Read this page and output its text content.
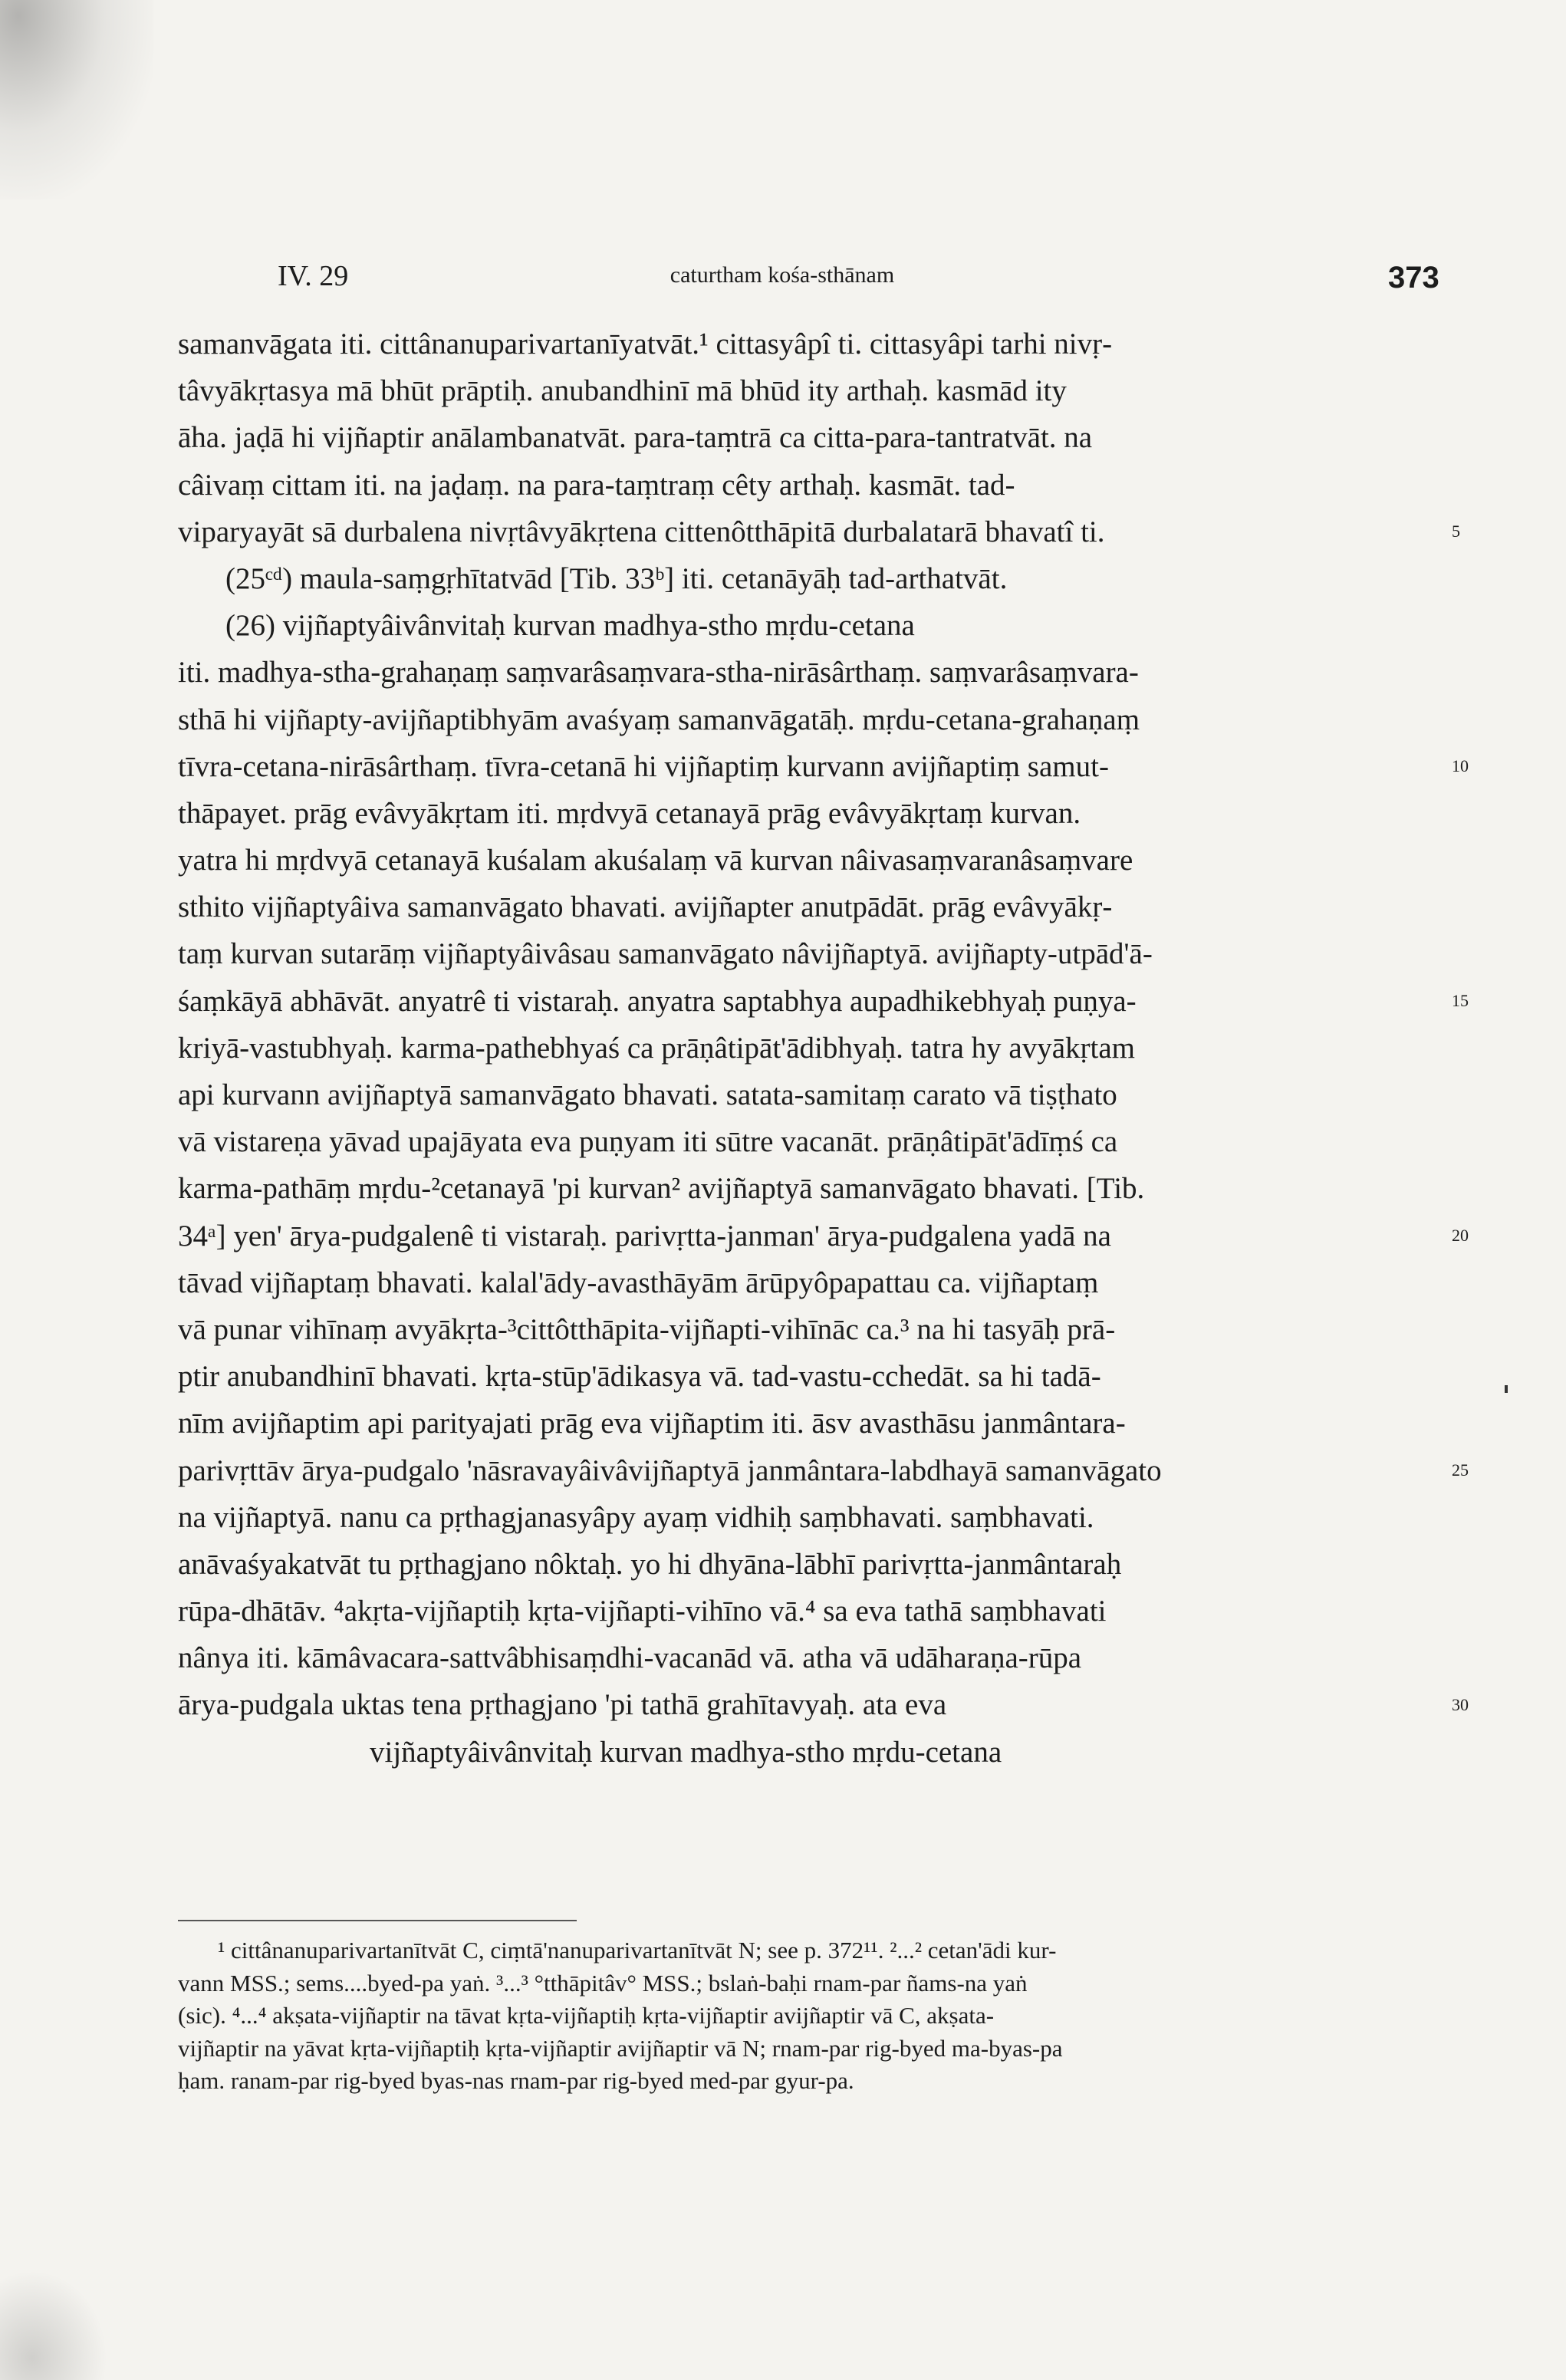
IV. 29	caturtham kośa-sthānam	373
samanvāgata iti. cittânanuparivartanīyatvāt.¹ cittasyâpî ti. cittasyâpi tarhi nivṛ-
tâvyākṛtasya mā bhūt prāptiḥ. anubandhinī mā bhūd ity arthaḥ. kasmād ity
āha. jaḍā hi vijñaptir anālambanatvāt. para-taṃtrā ca citta-para-tantratvāt. na
câivaṃ cittam iti. na jaḍaṃ. na para-taṃtraṃ cêty arthaḥ. kasmāt. tad-
viparyayāt sā durbalena nivṛtâvyākṛtena cittenôtthāpitā durbalatarā bhavatî ti.
(25ᶜᵈ) maula-saṃgṛhītatvād [Tib. 33ᵇ] iti. cetanāyāḥ tad-arthatvāt.
(26) vijñaptyâivânvitaḥ kurvan madhya-stho mṛdu-cetana
iti. madhya-stha-grahaṇaṃ saṃvarâsaṃvara-stha-nirāsârthaṃ. saṃvarâsaṃvara-
sthā hi vijñapty-avijñaptibhyām avaśyaṃ samanvāgatāḥ. mṛdu-cetana-grahaṇaṃ
tīvra-cetana-nirāsârthaṃ. tīvra-cetanā hi vijñaptiṃ kurvann avijñaptiṃ samut-
thāpayet. prāg evâvyākṛtam iti. mṛdvyā cetanayā prāg evâvyākṛtaṃ kurvan.
yatra hi mṛdvyā cetanayā kuśalam akuśalaṃ vā kurvan nâivasaṃvaranâsaṃvare
sthito vijñaptyâiva samanvāgato bhavati. avijñapter anutpādāt. prāg evâvyākṛ-
taṃ kurvan sutarāṃ vijñaptyâivâsau samanvāgato nâvijñaptyā. avijñapty-utpād'ā-
śaṃkāyā abhāvāt. anyatrê ti vistaraḥ. anyatra saptabhya aupadhikebhyaḥ puṇya-
kriyā-vastubhyaḥ. karma-pathebhyaś ca prāṇâtipāt'ādibhyaḥ. tatra hy avyākṛtam
api kurvann avijñaptyā samanvāgato bhavati. satata-samitaṃ carato vā tiṣṭhato
vā vistareṇa yāvad upajāyata eva puṇyam iti sūtre vacanāt. prāṇâtipāt'ādīṃś ca
karma-pathāṃ mṛdu-²cetanayā 'pi kurvan² avijñaptyā samanvāgato bhavati. [Tib.
34ᵃ] yen' ārya-pudgalenê ti vistaraḥ. parivṛtta-janman' ārya-pudgalena yadā na
tāvad vijñaptaṃ bhavati. kalal'ādy-avasthāyām ārūpyôpapattau ca. vijñaptaṃ
vā punar vihīnaṃ avyākṛta-³cittôtthāpita-vijñapti-vihīnāc ca.³ na hi tasyāḥ prā-
ptir anubandhinī bhavati. kṛta-stūp'ādikasya vā. tad-vastu-cchedāt. sa hi tadā-
nīm avijñaptim api parityajati prāg eva vijñaptim iti. āsv avasthāsu janmântara-
parivṛttāv ārya-pudgalo 'nāsravayâivâvijñaptyā janmântara-labdhayā samanvāgato
na vijñaptyā. nanu ca pṛthagjanasyâpy ayaṃ vidhiḥ saṃbhavati. saṃbhavati.
anāvaśyakatvāt tu pṛthagjano nôktaḥ. yo hi dhyāna-lābhī parivṛtta-janmântaraḥ
rūpa-dhātāv. ⁴akṛta-vijñaptiḥ kṛta-vijñapti-vihīno vā.⁴ sa eva tathā saṃbhavati
nânya iti. kāmâvacara-sattvâbhisaṃdhi-vacanād vā. atha vā udāharaṇa-rūpa
ārya-pudgala uktas tena pṛthagjano 'pi tathā grahītavyaḥ. ata eva
vijñaptyâivânvitaḥ kurvan madhya-stho mṛdu-cetana
5
10
15
20
25
30
¹ cittânanuparivartanītvāt C, ciṃtā'nanuparivartanītvāt N; see p. 372¹¹. ²...² cetan'ādi kur-
vann MSS.; sems....byed-pa yaṅ. ³...³ °tthāpitâv° MSS.; bslaṅ-baḥi rnam-par ñams-na yaṅ
(sic). ⁴...⁴ akṣata-vijñaptir na tāvat kṛta-vijñaptiḥ kṛta-vijñaptir avijñaptir vā C, akṣata-
vijñaptir na yāvat kṛta-vijñaptiḥ kṛta-vijñaptir avijñaptir vā N; rnam-par rig-byed ma-byas-pa
ḥam. ranam-par rig-byed byas-nas rnam-par rig-byed med-par gyur-pa.
